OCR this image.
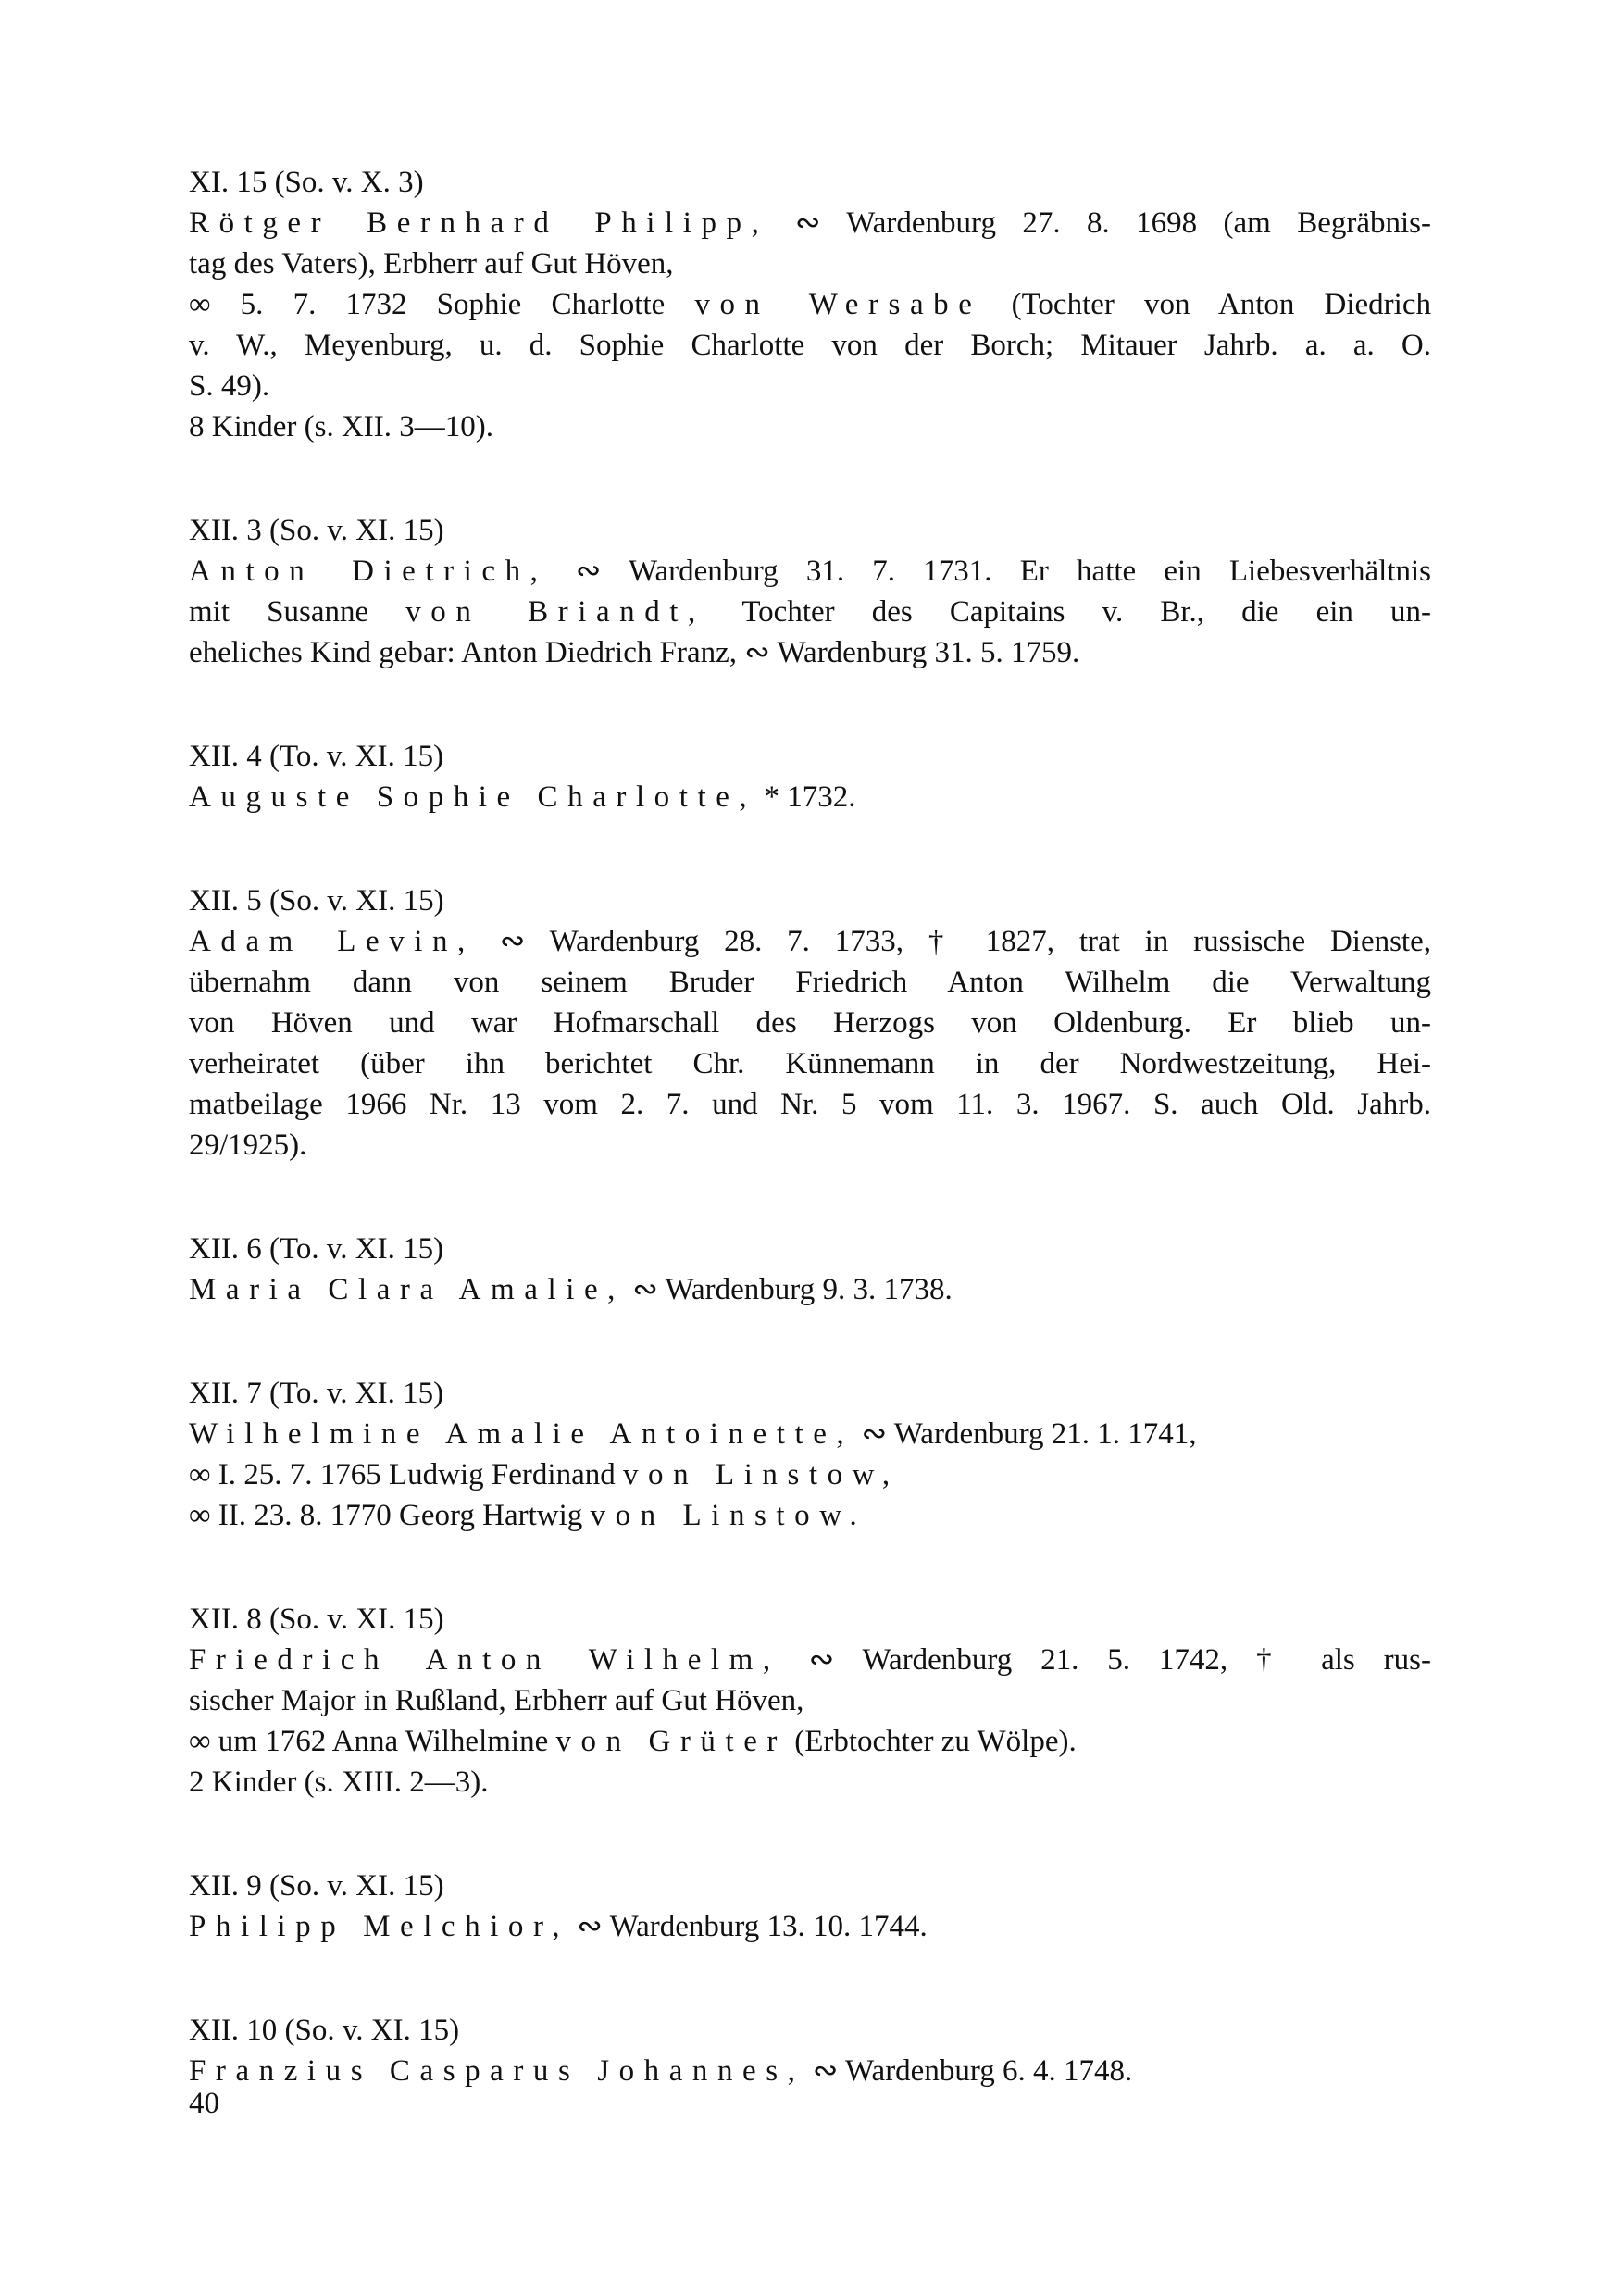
XI. 15 (So. v. X. 3)

Rötger Bernhard Philipp, ∾ Wardenburg 27. 8. 1698 (am Begräbnis-
tag des Vaters), Erbherr auf Gut Höven,
∞ 5. 7. 1732 Sophie Charlotte von Wersabe (Tochter von Anton Diedrich
v. W., Meyenburg, u. d. Sophie Charlotte von der Borch; Mitauer Jahrb. a. a. O.
S. 49).
8 Kinder (s. XII. 3—10).

XII. 3 (So. v. XI. 15)

Anton Dietrich, ∾ Wardenburg 31. 7. 1731. Er hatte ein Liebesverhältnis
mit Susanne von Briandt, Tochter des Capitains v. Br., die ein un-
eheliches Kind gebar: Anton Diedrich Franz, ∾ Wardenburg 31. 5. 1759.

XII. 4 (To. v. XI. 15)

Auguste Sophie Charlotte, * 1732.

XII. 5 (So. v. XI. 15)

Adam Levin, ∾ Wardenburg 28. 7. 1733, † 1827, trat in russische Dienste,
übernahm dann von seinem Bruder Friedrich Anton Wilhelm die Verwaltung
von Höven und war Hofmarschall des Herzogs von Oldenburg. Er blieb un-
verheiratet (über ihn berichtet Chr. Künnemann in der Nordwestzeitung, Hei-
matbeilage 1966 Nr. 13 vom 2. 7. und Nr. 5 vom 11. 3. 1967. S. auch Old. Jahrb.
29/1925).

XII. 6 (To. v. XI. 15)

Maria Clara Amalie, ∾ Wardenburg 9. 3. 1738.

XII. 7 (To. v. XI. 15)

Wilhelmine Amalie Antoinette, ∾ Wardenburg 21. 1. 1741,
∞ I. 25. 7. 1765 Ludwig Ferdinand von Linstow,
∞ II. 23. 8. 1770 Georg Hartwig von Linstow.

XII. 8 (So. v. XI. 15)

Friedrich Anton Wilhelm, ∾ Wardenburg 21. 5. 1742, † als rus-
sischer Major in Rußland, Erbherr auf Gut Höven,
∞ um 1762 Anna Wilhelmine von Grüter (Erbtochter zu Wölpe).
2 Kinder (s. XIII. 2—3).

XII. 9 (So. v. XI. 15)

Philipp Melchior, ∾ Wardenburg 13. 10. 1744.

XII. 10 (So. v. XI. 15)

Franzius Casparus Johannes, ∾ Wardenburg 6. 4. 1748.

40
